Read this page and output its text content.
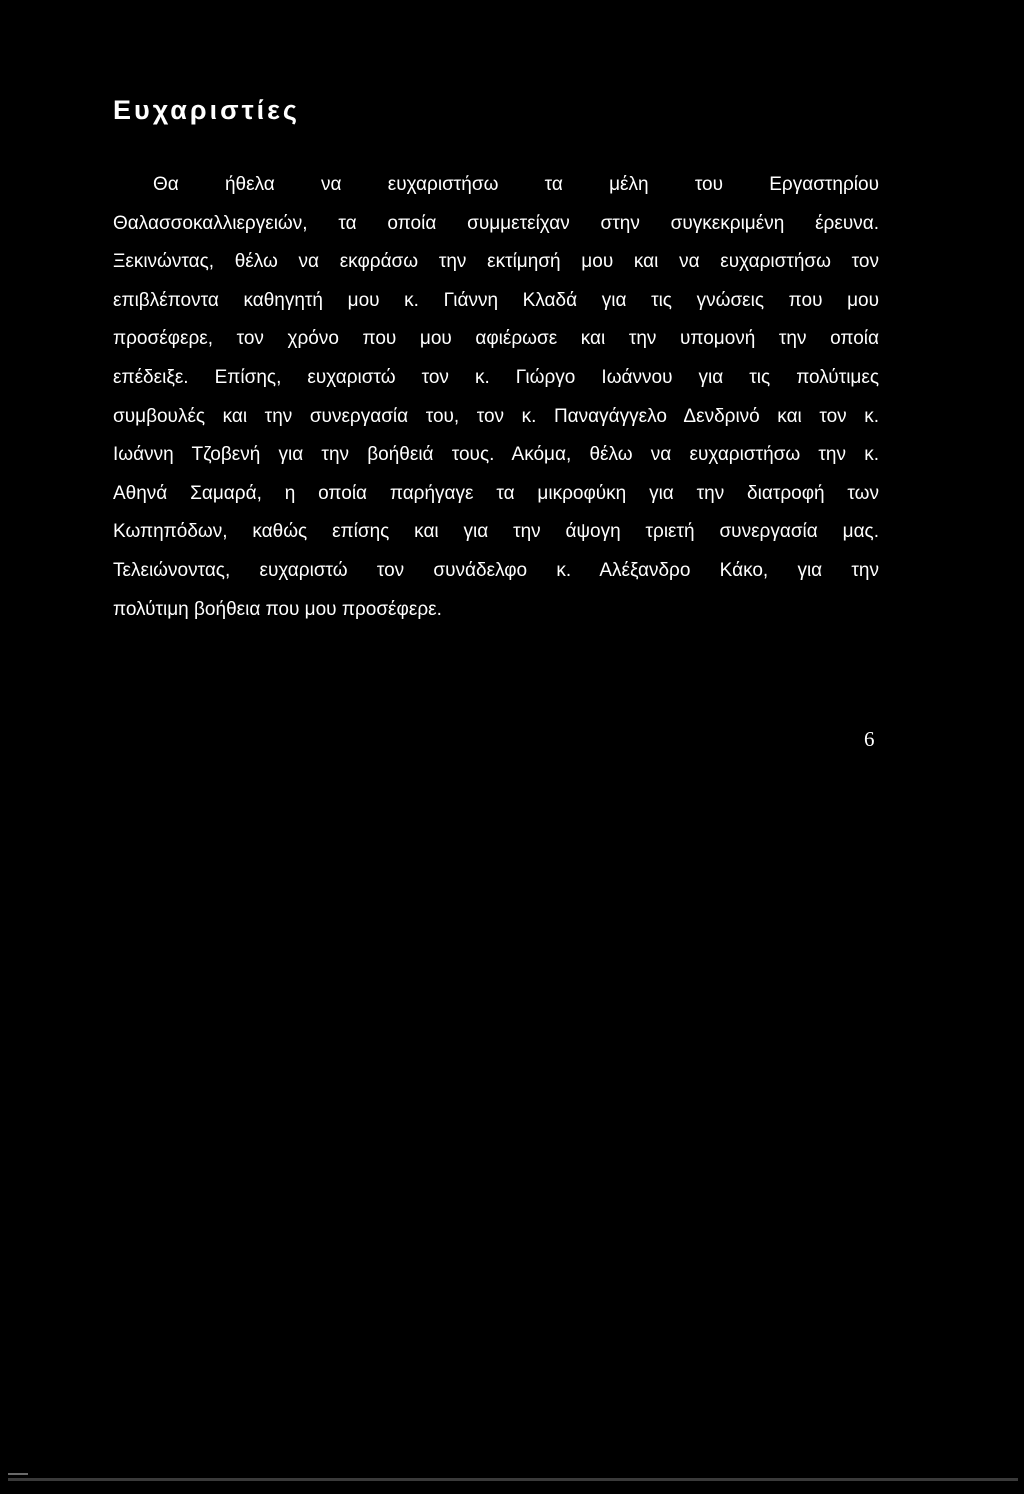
Ευχαριστίες
Θα ήθελα να ευχαριστήσω τα μέλη του Εργαστηρίου
Θαλασσοκαλλιεργειών, τα οποία συμμετείχαν στην συγκεκριμένη έρευνα.
Ξεκινώντας, θέλω να εκφράσω την εκτίμησή μου και να ευχαριστήσω τον
επιβλέποντα καθηγητή μου κ. Γιάννη Κλαδά για τις γνώσεις που μου
προσέφερε, τον χρόνο που μου αφιέρωσε και την υπομονή την οποία
επέδειξε. Επίσης, ευχαριστώ τον κ. Γιώργο Ιωάννου για τις πολύτιμες
συμβουλές και την συνεργασία του, τον κ. Παναγάγγελο Δενδρινό και τον κ.
Ιωάννη Τζοβενή για την βοήθειά τους. Ακόμα, θέλω να ευχαριστήσω την κ.
Αθηνά Σαμαρά, η οποία παρήγαγε τα μικροφύκη για την διατροφή των
Κωπηπόδων, καθώς επίσης και για την άψογη τριετή συνεργασία μας.
Τελειώνοντας, ευχαριστώ τον συνάδελφο κ. Αλέξανδρο Κάκο, για την
πολύτιμη βοήθεια που μου προσέφερε.
6
